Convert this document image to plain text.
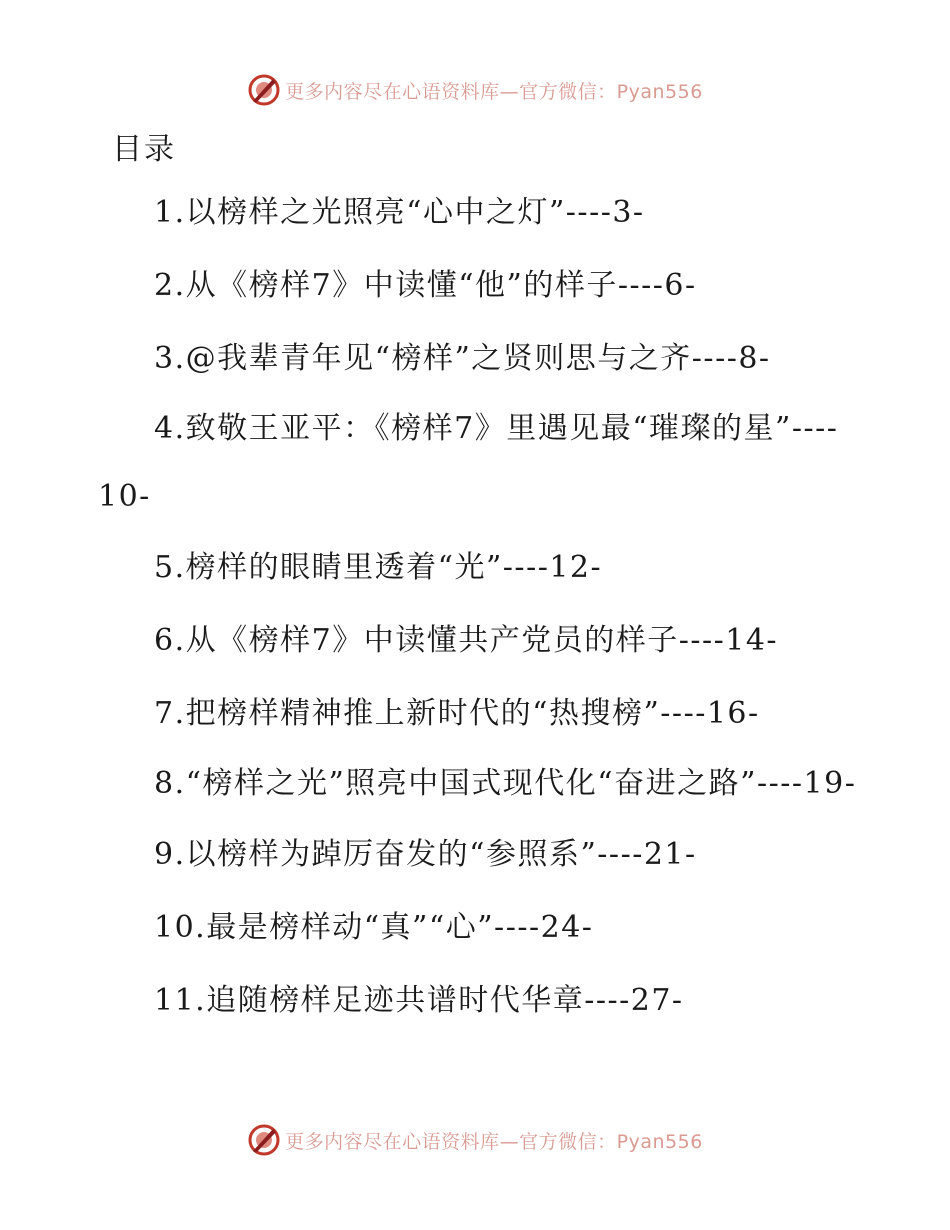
更多内容尽在心语资料库—官方微信：Pyan556
目录
1.以榜样之光照亮“心中之灯”----3-
2.从《榜样7》中读懂“他”的样子----6-
3.@我辈青年见“榜样”之贤则思与之齐----8-
4.致敬王亚平：《榜样7》里遇见最“璀璨的星”----10-
5.榜样的眼睛里透着“光”----12-
6.从《榜样7》中读懂共产党员的样子----14-
7.把榜样精神推上新时代的“热搜榜”----16-
8.“榜样之光”照亮中国式现代化“奋进之路”----19-
9.以榜样为踔厉奋发的“参照系”----21-
10.最是榜样动“真”“心”----24-
11.追随榜样足迹共谱时代华章----27-
更多内容尽在心语资料库—官方微信：Pyan556
